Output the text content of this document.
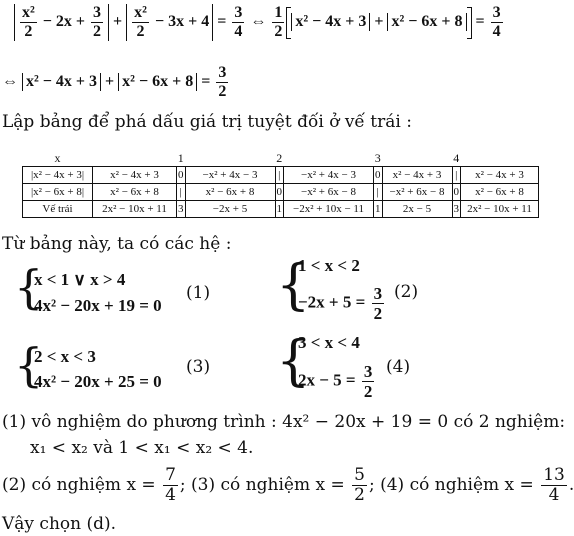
$\frac{\text{x²}}{2} - 2x + \frac{3}{2} + \frac{\text{x²}}{2} - 3x + 4 = \frac{3}{4}$ ⇔ $\frac{1}{2} x^2 - 4x + 3 + x^2 - 6x + 8 = \frac{3}{4}$
⇔ $x^2 - 4x + 3 + x^2 - 6x + 8 = \frac{3}{2}$
Lập bảng để phá dấu giá trị tuyệt đối ở vế trái :
x		1		2		3		4	
|x² − 4x + 3|	x² − 4x + 3	0	−x² + 4x − 3	|	−x² + 4x − 3	0	x² − 4x + 3	|	x² − 4x + 3
|x² − 6x + 8|	x² − 6x + 8	|	x² − 6x + 8	0	−x² + 6x − 8	|	−x² + 6x − 8	0	x² − 6x + 8
Vế trái	2x² − 10x + 11	3	−2x + 5	1	−2x² + 10x − 11	1	2x − 5	3	2x² − 10x + 11
Từ bảng này, ta có các hệ :
{
x < 1 ∨ x > 4
4x² − 20x + 19 = 0
(1) {
1 < x < 2
$-2x + 5 = \frac{3}{2} (2)$
{
2 < x < 3
4x² − 20x + 25 = 0
(3) {
3 < x < 4
$2x - 5 = \frac{3}{2} (4)$
(1) vô nghiệm do phương trình : 4x² − 20x + 19 = 0 có 2 nghiệm:
x₁ < x₂ và 1 < x₁ < x₂ < 4.
(2) có nghiệm $x = \frac{7}{4}$ ; (3) có nghiệm $x = \frac{5}{2}$ ; (4) có nghiệm $x = \frac{13}{4}$ .
Vậy chọn (d).
